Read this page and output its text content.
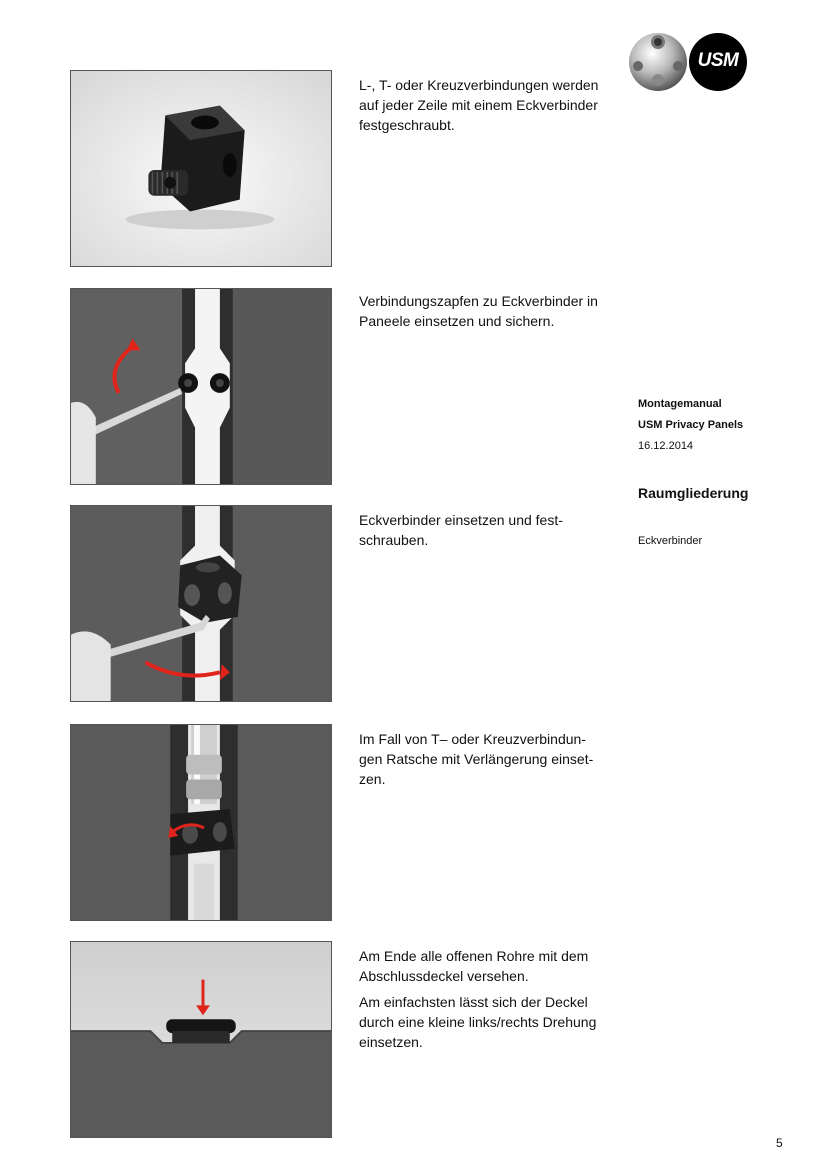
USM
Montagemanual
USM Privacy Panels
16.12.2014
Raumgliederung
Eckverbinder

L-, T- oder Kreuzverbindungen werden auf jeder Zeile mit einem Eckverbinder festgeschraubt.

Verbindungszapfen zu Eckverbinder in Paneele einsetzen und sichern.

Eckverbinder einsetzen und fest-schrauben.

Im Fall von T– oder Kreuzverbindun-gen Ratsche mit Verlängerung einset-zen.

Am Ende alle offenen Rohre mit dem Abschlussdeckel versehen.

Am einfachsten lässt sich der Deckel durch eine kleine links/rechts Drehung einsetzen.

5
